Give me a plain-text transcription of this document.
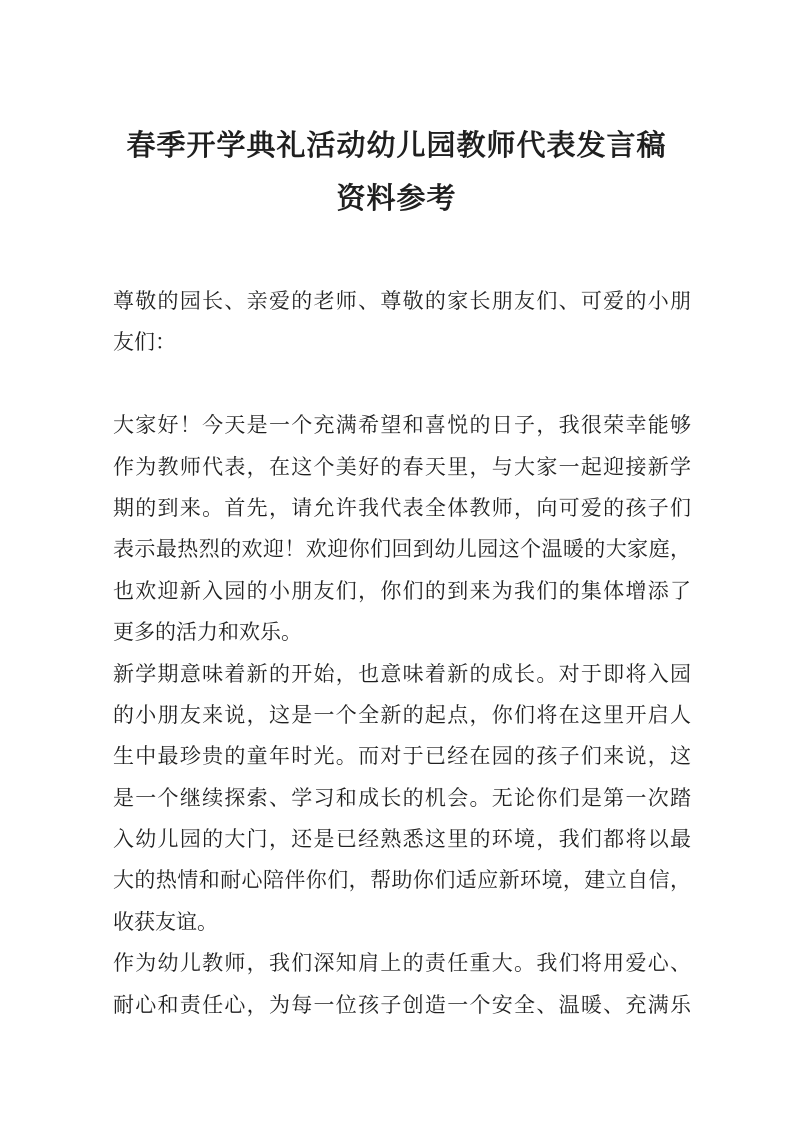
春季开学典礼活动幼儿园教师代表发言稿
资料参考
尊敬的园长、亲爱的老师、尊敬的家长朋友们、可爱的小朋
友们：

大家好！今天是一个充满希望和喜悦的日子，我很荣幸能够
作为教师代表，在这个美好的春天里，与大家一起迎接新学
期的到来。首先，请允许我代表全体教师，向可爱的孩子们
表示最热烈的欢迎！欢迎你们回到幼儿园这个温暖的大家庭，
也欢迎新入园的小朋友们，你们的到来为我们的集体增添了
更多的活力和欢乐。
新学期意味着新的开始，也意味着新的成长。对于即将入园
的小朋友来说，这是一个全新的起点，你们将在这里开启人
生中最珍贵的童年时光。而对于已经在园的孩子们来说，这
是一个继续探索、学习和成长的机会。无论你们是第一次踏
入幼儿园的大门，还是已经熟悉这里的环境，我们都将以最
大的热情和耐心陪伴你们，帮助你们适应新环境，建立自信，
收获友谊。
作为幼儿教师，我们深知肩上的责任重大。我们将用爱心、
耐心和责任心，为每一位孩子创造一个安全、温暖、充满乐
